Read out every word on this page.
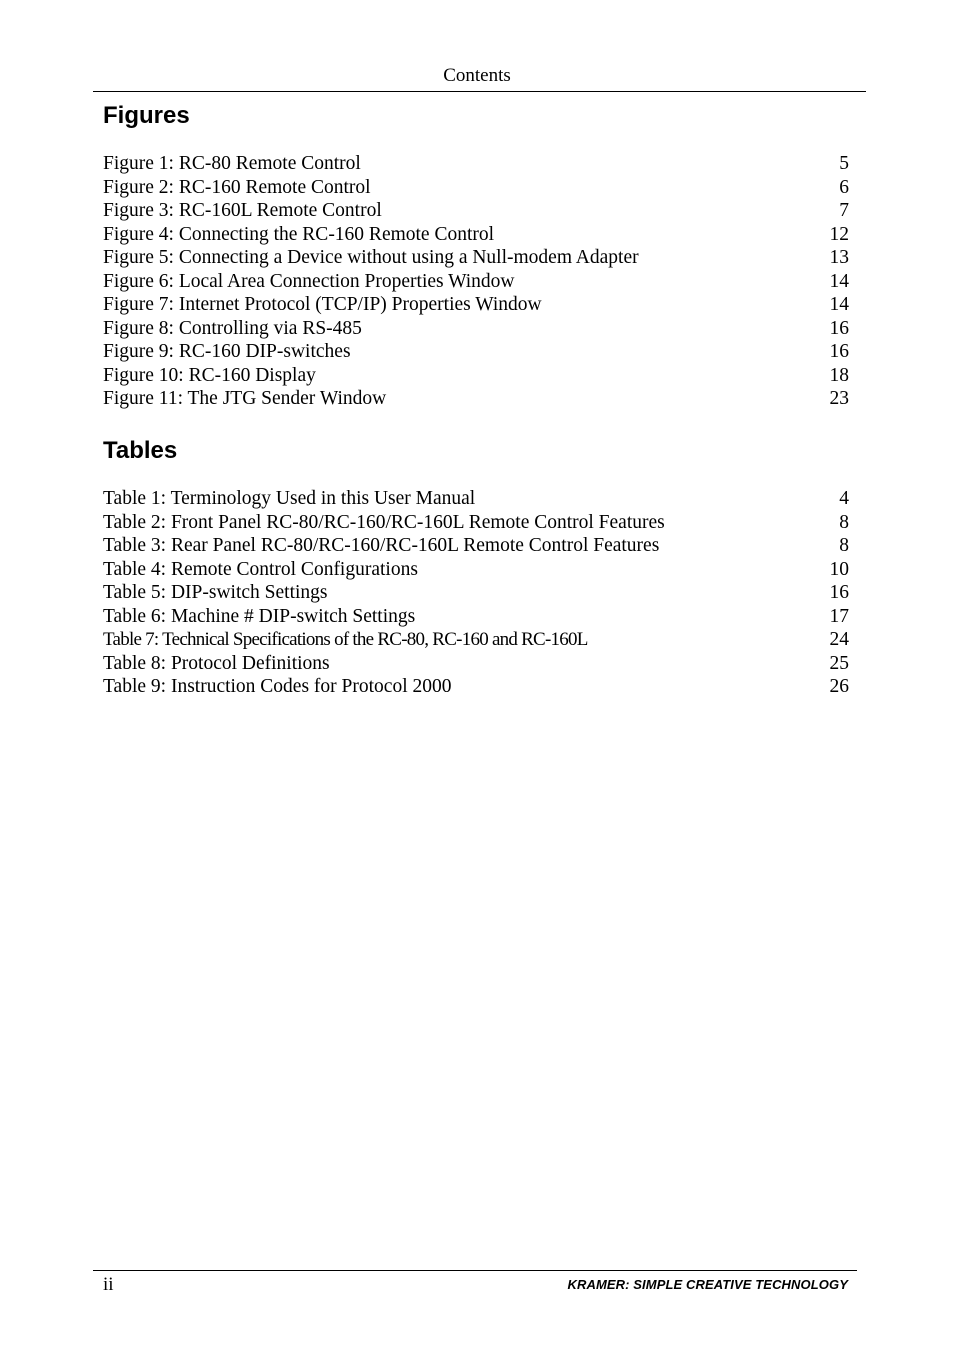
Contents
Figures
Figure 1: RC-80 Remote Control	5
Figure 2: RC-160 Remote Control	6
Figure 3: RC-160L Remote Control	7
Figure 4: Connecting the RC-160 Remote Control	12
Figure 5: Connecting a Device without using a Null-modem Adapter	13
Figure 6: Local Area Connection Properties Window	14
Figure 7: Internet Protocol (TCP/IP) Properties Window	14
Figure 8: Controlling via RS-485	16
Figure 9: RC-160 DIP-switches	16
Figure 10: RC-160 Display	18
Figure 11: The JTG Sender Window	23
Tables
Table 1: Terminology Used in this User Manual	4
Table 2: Front Panel RC-80/RC-160/RC-160L Remote Control Features	8
Table 3: Rear Panel RC-80/RC-160/RC-160L Remote Control Features	8
Table 4: Remote Control Configurations	10
Table 5: DIP-switch Settings	16
Table 6: Machine # DIP-switch Settings	17
Table 7: Technical Specifications of the RC-80, RC-160 and RC-160L	24
Table 8: Protocol Definitions	25
Table 9: Instruction Codes for Protocol 2000	26
ii	KRAMER: SIMPLE CREATIVE TECHNOLOGY
